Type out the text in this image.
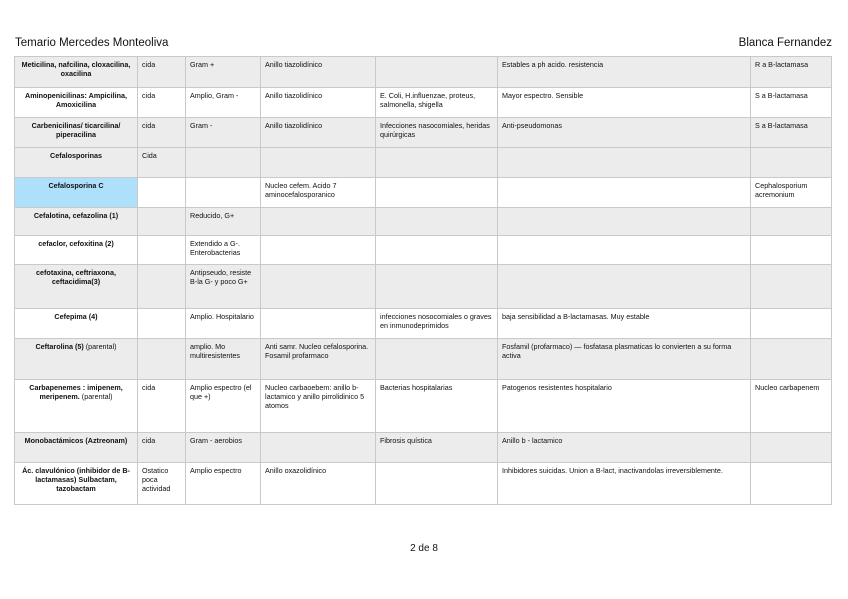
Temario Mercedes Monteoliva	Blanca Fernandez
Meticilina, nafcilina, cloxacilina, oxacilina	cida	Gram +	Anillo tiazolidínico		Estables a ph acido. resistencia	R a B-lactamasa
Aminopenicilinas: Ampicilina, Amoxicilina	cida	Amplio, Gram -	Anillo tiazolidínico	E. Coli, H.influenzae, proteus, salmonella, shigella	Mayor espectro. Sensible	S a B-lactamasa
Carbenicilinas/ ticarcilina/ piperacilina	cida	Gram -	Anillo tiazolidínico	Infecciones nasocomiales, heridas quirúrgicas	Anti-pseudomonas	S a B-lactamasa
Cefalosporinas	Cida					
Cefalosporina C			Nucleo cefem. Acido 7 aminocefalosporanico			Cephalosporium acremonium
Cefalotina, cefazolina (1)		Reducido, G+				
cefaclor, cefoxitina (2)		Extendido a G-. Enterobacterias				
cefotaxina, ceftriaxona, ceftacidima(3)		Antipseudo, resiste B-la G- y poco G+				
Cefepima (4)		Amplio. Hospitalario		infecciones nosocomiales o graves en inmunodeprimidos	baja sensibilidad a B-lactamasas. Muy estable	
Ceftarolina (5) (parental)		amplio. Mo multiresistentes	Anti samr. Nucleo cefalosporina. Fosamil profarmaco		Fosfamil (profarmaco) — fosfatasa plasmaticas lo convierten a su forma activa	
Carbapenemes : imipenem, meripenem. (parental)	cida	Amplio espectro (el que +)	Nucleo carbaoebem: anillo b-lactamico y anillo pirrolidinico 5 atomos	Bacterias hospitalarias	Patogenos resistentes hospitalario	Nucleo carbapenem
Monobactámicos (Aztreonam)	cida	Gram - aerobios		Fibrosis quística	Anillo b - lactamico	
Ác. clavulónico (inhibidor de B-lactamasas) Sulbactam, tazobactam	Ostatico poca actividad	Amplio espectro	Anillo oxazolidínico		Inhibidores suicidas. Union a B-lact, inactivandolas irreversiblemente.	
2 de 8
